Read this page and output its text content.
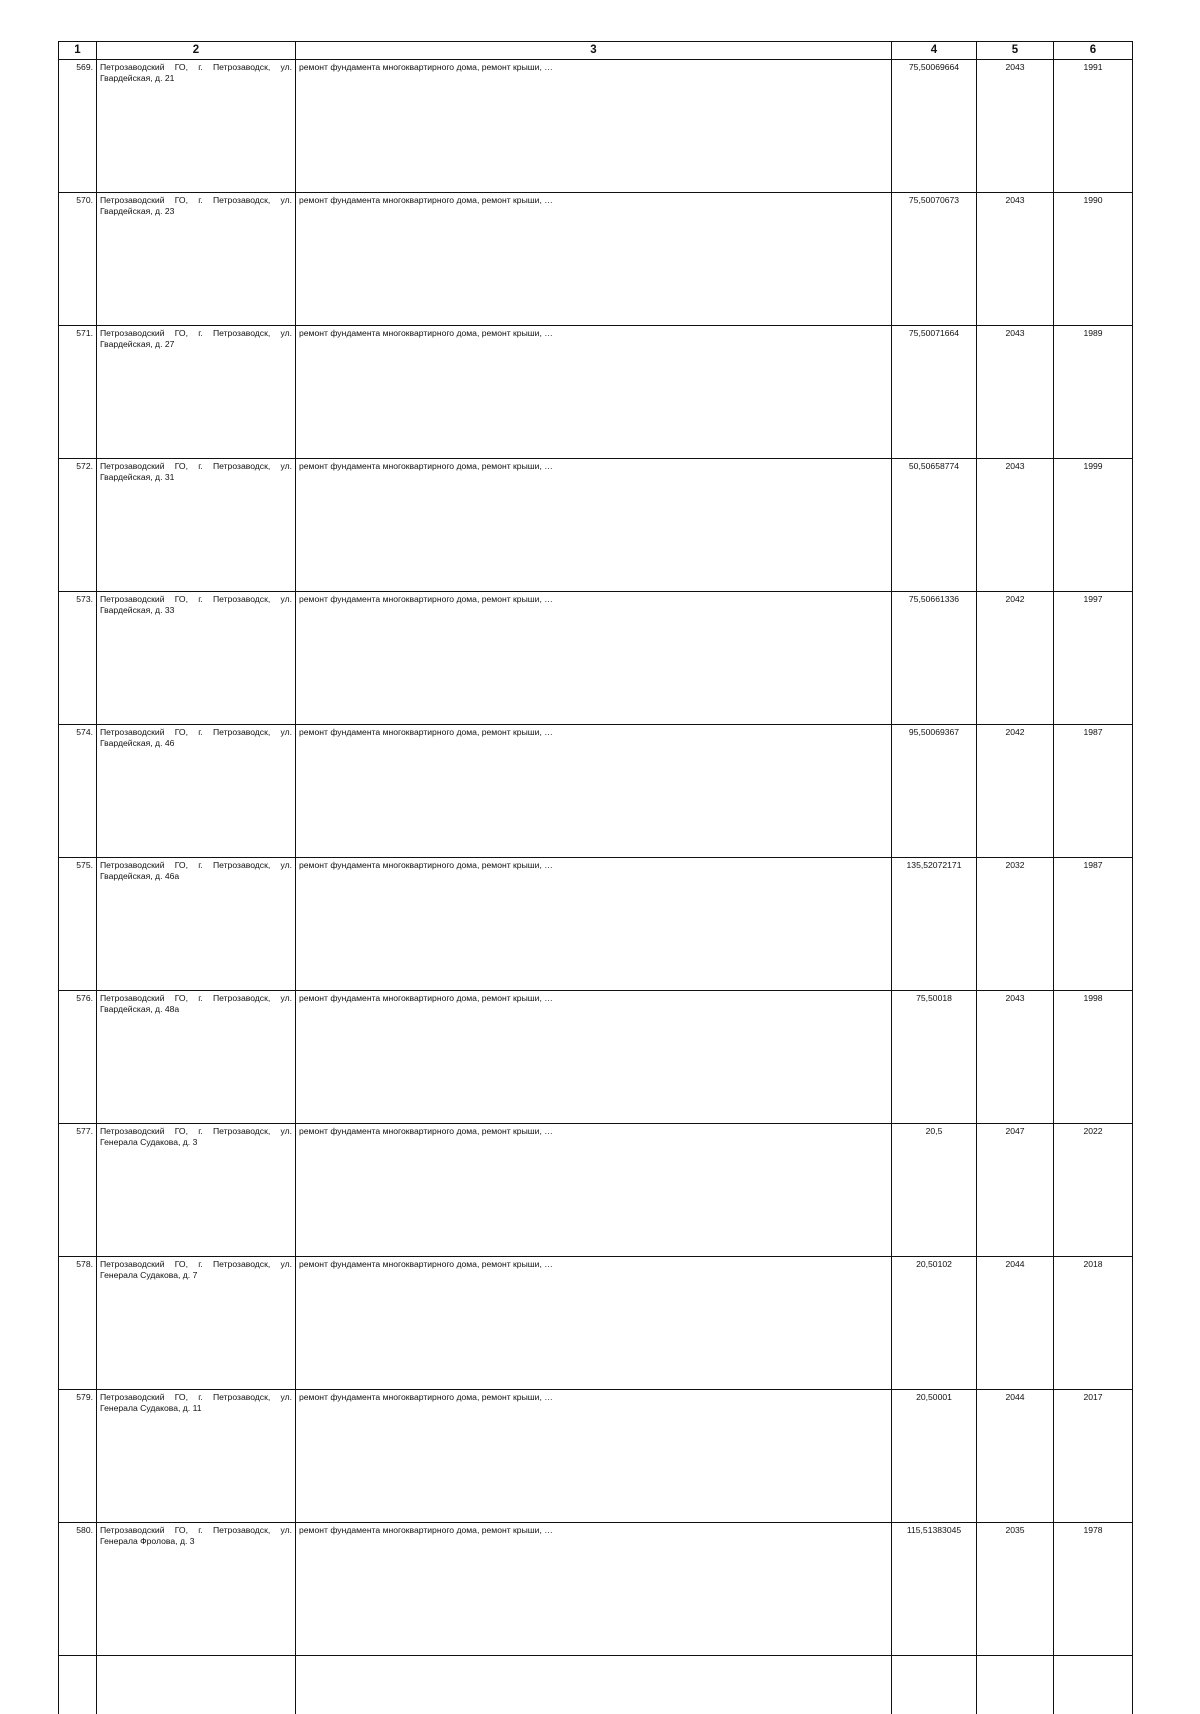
1	2	3	4	5	6
569.	Петрозаводский ГО, г. Петрозаводск, ул. Гвардейская, д. 21	ремонт фундамента многоквартирного дома, ремонт крыши, …	75,50069664	2043	1991
570.	Петрозаводский ГО, г. Петрозаводск, ул. Гвардейская, д. 23	ремонт фундамента многоквартирного дома, ремонт крыши, …	75,50070673	2043	1990
571.	Петрозаводский ГО, г. Петрозаводск, ул. Гвардейская, д. 27	ремонт фундамента многоквартирного дома, ремонт крыши, …	75,50071664	2043	1989
572.	Петрозаводский ГО, г. Петрозаводск, ул. Гвардейская, д. 31	ремонт фундамента многоквартирного дома, ремонт крыши, …	50,50658774	2043	1999
573.	Петрозаводский ГО, г. Петрозаводск, ул. Гвардейская, д. 33	ремонт фундамента многоквартирного дома, ремонт крыши, …	75,50661336	2042	1997
574.	Петрозаводский ГО, г. Петрозаводск, ул. Гвардейская, д. 46	ремонт фундамента многоквартирного дома, ремонт крыши, …	95,50069367	2042	1987
575.	Петрозаводский ГО, г. Петрозаводск, ул. Гвардейская, д. 46а	ремонт фундамента многоквартирного дома, ремонт крыши, …	135,52072171	2032	1987
576.	Петрозаводский ГО, г. Петрозаводск, ул. Гвардейская, д. 48а	ремонт фундамента многоквартирного дома, ремонт крыши, …	75,50018	2043	1998
577.	Петрозаводский ГО, г. Петрозаводск, ул. Генерала Судакова, д. 3	ремонт фундамента многоквартирного дома, ремонт крыши, …	20,5	2047	2022
578.	Петрозаводский ГО, г. Петрозаводск, ул. Генерала Судакова, д. 7	ремонт фундамента многоквартирного дома, ремонт крыши, …	20,50102	2044	2018
579.	Петрозаводский ГО, г. Петрозаводск, ул. Генерала Судакова, д. 11	ремонт фундамента многоквартирного дома, ремонт крыши, …	20,50001	2044	2017
580.	Петрозаводский ГО, г. Петрозаводск, ул. Генерала Фролова, д. 3	ремонт фундамента многоквартирного дома, ремонт крыши, …	115,51383045	2035	1978
